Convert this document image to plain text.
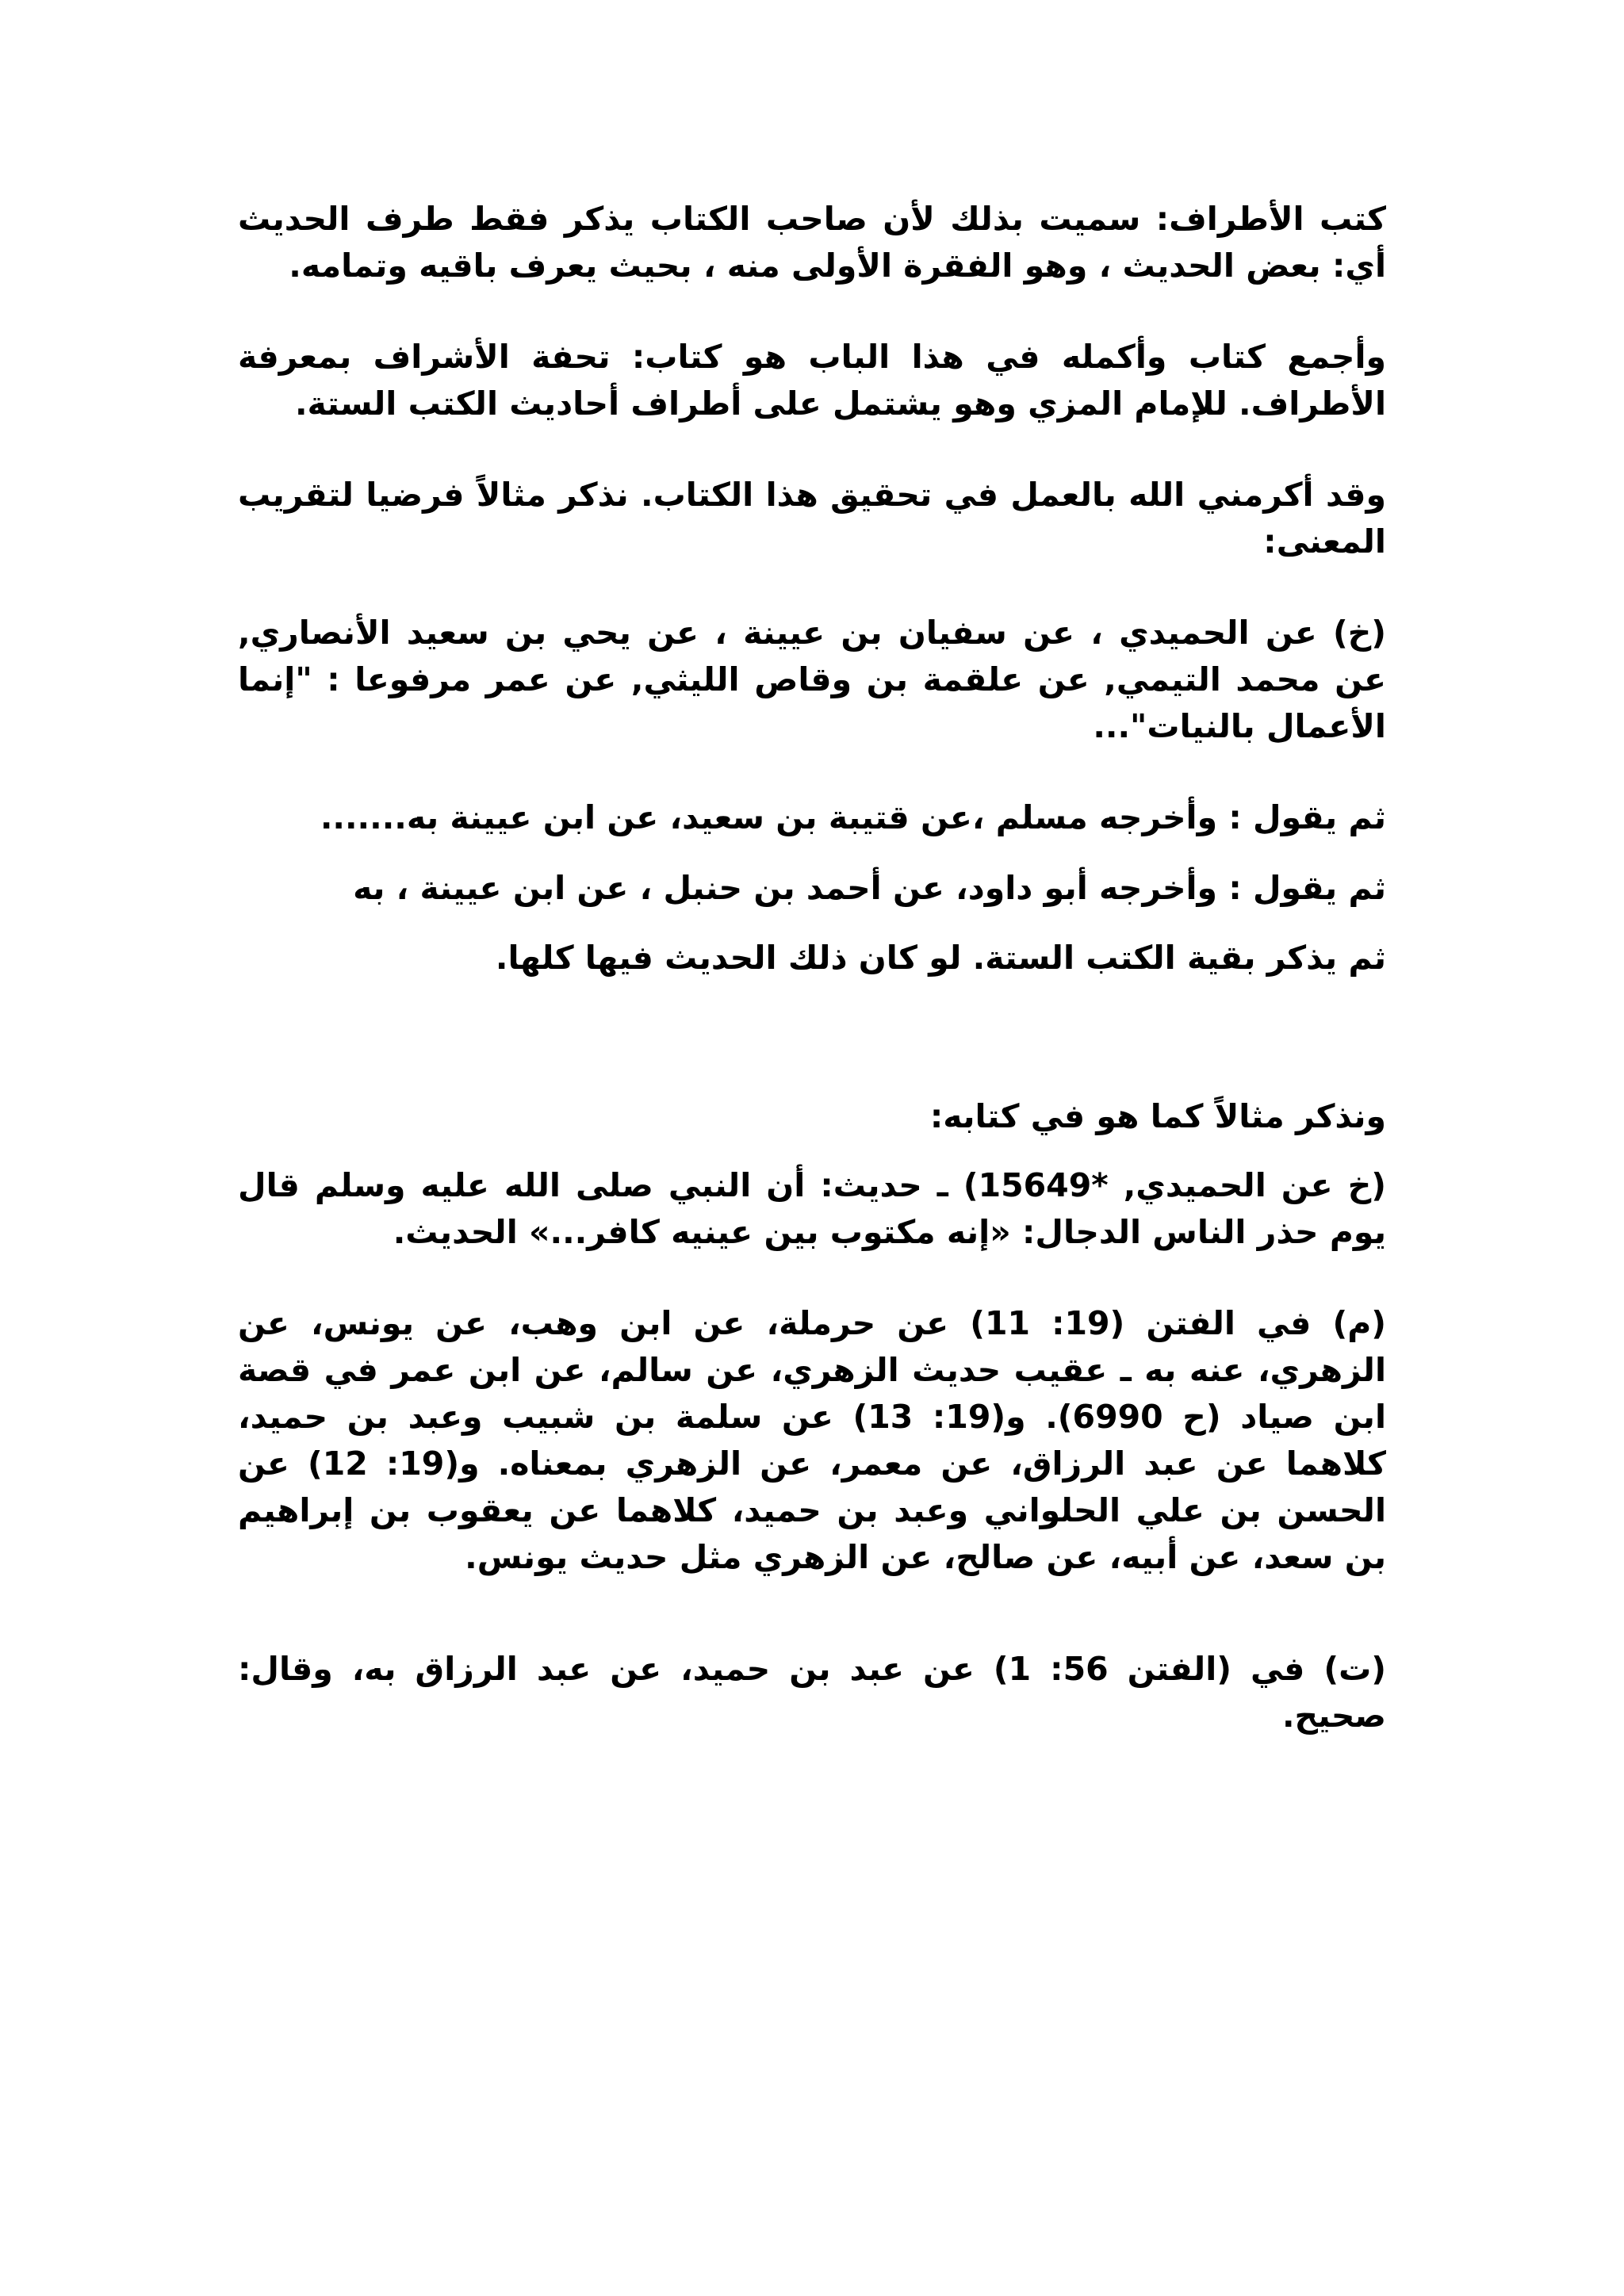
كتب الأطراف: سميت بذلك لأن صاحب الكتاب يذكر فقط طرف الحديث أي: بعض الحديث ، وهو الفقرة الأولى منه ، بحيث يعرف باقيه وتمامه.

وأجمع كتاب وأكمله في هذا الباب هو كتاب: تحفة الأشراف بمعرفة الأطراف. للإمام المزي وهو يشتمل على أطراف أحاديث الكتب الستة.

وقد أكرمني الله بالعمل في تحقيق هذا الكتاب. نذكر مثالاً فرضيا لتقريب المعنى:

(خ) عن الحميدي ، عن سفيان بن عيينة ، عن يحي بن سعيد الأنصاري, عن محمد التيمي, عن علقمة بن وقاص الليثي, عن عمر مرفوعا : "إنما الأعمال بالنيات"...

ثم يقول : وأخرجه مسلم ،عن قتيبة بن سعيد، عن ابن عيينة به.......

ثم يقول : وأخرجه أبو داود، عن أحمد بن حنبل ، عن ابن عيينة ، به

ثم يذكر بقية الكتب الستة. لو كان ذلك الحديث فيها كلها.

ونذكر مثالاً كما هو في كتابه:

(خ عن الحميدي, *15649) ـ حديث: أن النبي صلى الله عليه وسلم قال يوم حذر الناس الدجال: «إنه مكتوب بين عينيه كافر...» الحديث.

(م) في الفتن (19: 11) عن حرملة، عن ابن وهب، عن يونس، عن الزهري، عنه به ـ عقيب حديث الزهري، عن سالم، عن ابن عمر في قصة ابن صياد (ح 6990). و(19: 13) عن سلمة بن شبيب وعبد بن حميد، كلاهما عن عبد الرزاق، عن معمر، عن الزهري بمعناه. و(19: 12) عن الحسن بن علي الحلواني وعبد بن حميد، كلاهما عن يعقوب بن إبراهيم بن سعد، عن أبيه، عن صالح، عن الزهري مثل حديث يونس.

(ت) في (الفتن 56: 1) عن عبد بن حميد، عن عبد الرزاق به، وقال: صحيح.
